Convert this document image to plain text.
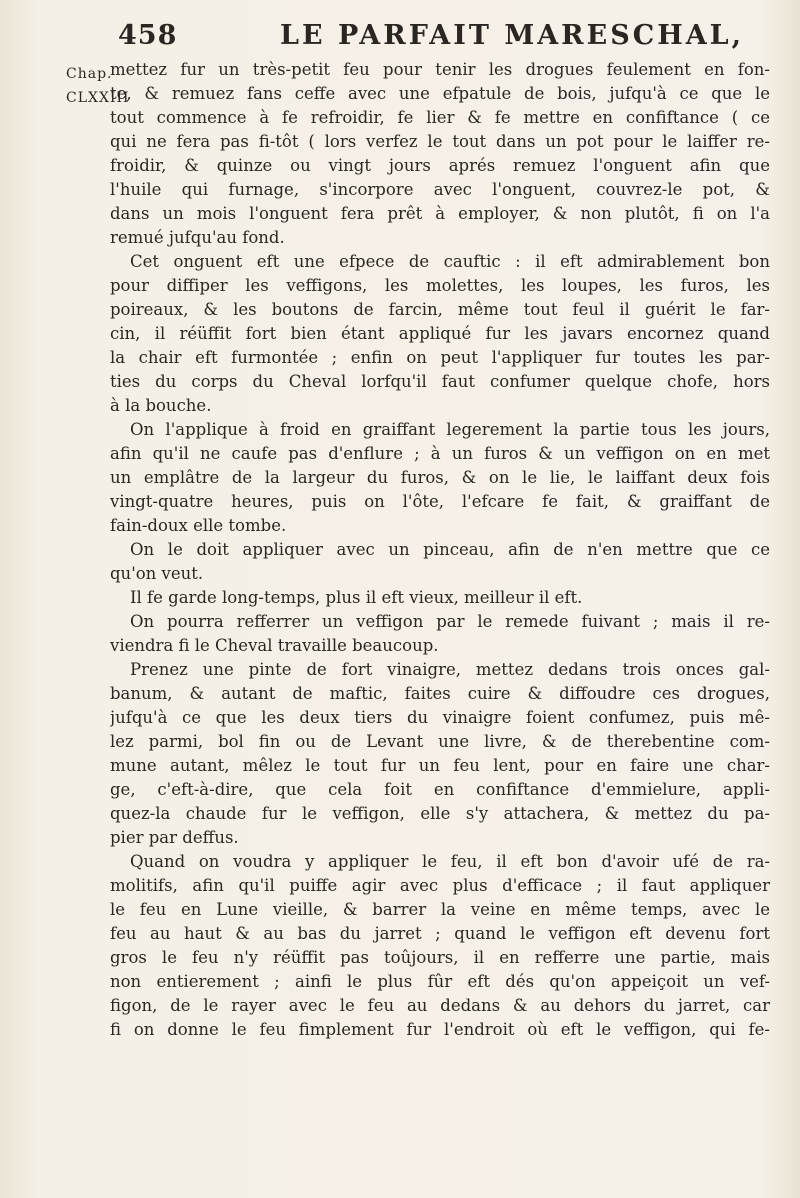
458	LE PARFAIT MARESCHAL,
Chap.
CLXXIII
mettez fur un très-petit feu pour tenir les drogues feulement en fon-
te, & remuez fans ceffe avec une efpatule de bois, jufqu'à ce que le
tout commence à fe refroidir, fe lier & fe mettre en confiftance ( ce
qui ne fera pas fi-tôt ( lors verfez le tout dans un pot pour le laiffer re-
froidir, & quinze ou vingt jours aprés remuez l'onguent afin que
l'huile qui furnage, s'incorpore avec l'onguent, couvrez-le pot, &
dans un mois l'onguent fera prêt à employer, & non plutôt, fi on l'a
remué jufqu'au fond.
Cet onguent eft une efpece de cauftic : il eft admirablement bon
pour diffiper les veffigons, les molettes, les loupes, les furos, les
poireaux, & les boutons de farcin, même tout feul il guérit le far-
cin, il réüffit fort bien étant appliqué fur les javars encornez quand
la chair eft furmontée ; enfin on peut l'appliquer fur toutes les par-
ties du corps du Cheval lorfqu'il faut confumer quelque chofe, hors
à la bouche.
On l'applique à froid en graiffant legerement la partie tous les jours,
afin qu'il ne caufe pas d'enflure ; à un furos & un veffigon on en met
un emplâtre de la largeur du furos, & on le lie, le laiffant deux fois
vingt-quatre heures, puis on l'ôte, l'efcare fe fait, & graiffant de
fain-doux elle tombe.
On le doit appliquer avec un pinceau, afin de n'en mettre que ce
qu'on veut.
Il fe garde long-temps, plus il eft vieux, meilleur il eft.
On pourra refferrer un veffigon par le remede fuivant ; mais il re-
viendra fi le Cheval travaille beaucoup.
Prenez une pinte de fort vinaigre, mettez dedans trois onces gal-
banum, & autant de maftic, faites cuire & diffoudre ces drogues,
jufqu'à ce que les deux tiers du vinaigre foient confumez, puis mê-
lez parmi, bol fin ou de Levant une livre, & de therebentine com-
mune autant, mêlez le tout fur un feu lent, pour en faire une char-
ge, c'eft-à-dire, que cela foit en confiftance d'emmielure, appli-
quez-la chaude fur le veffigon, elle s'y attachera, & mettez du pa-
pier par deffus.
Quand on voudra y appliquer le feu, il eft bon d'avoir ufé de ra-
molitifs, afin qu'il puiffe agir avec plus d'efficace ; il faut appliquer
le feu en Lune vieille, & barrer la veine en même temps, avec le
feu au haut & au bas du jarret ; quand le veffigon eft devenu fort
gros le feu n'y réüffit pas toûjours, il en refferre une partie, mais
non entierement ; ainfi le plus fûr eft dés qu'on appeiçoit un vef-
figon, de le rayer avec le feu au dedans & au dehors du jarret, car
fi on donne le feu fimplement fur l'endroit où eft le veffigon, qui fe-
